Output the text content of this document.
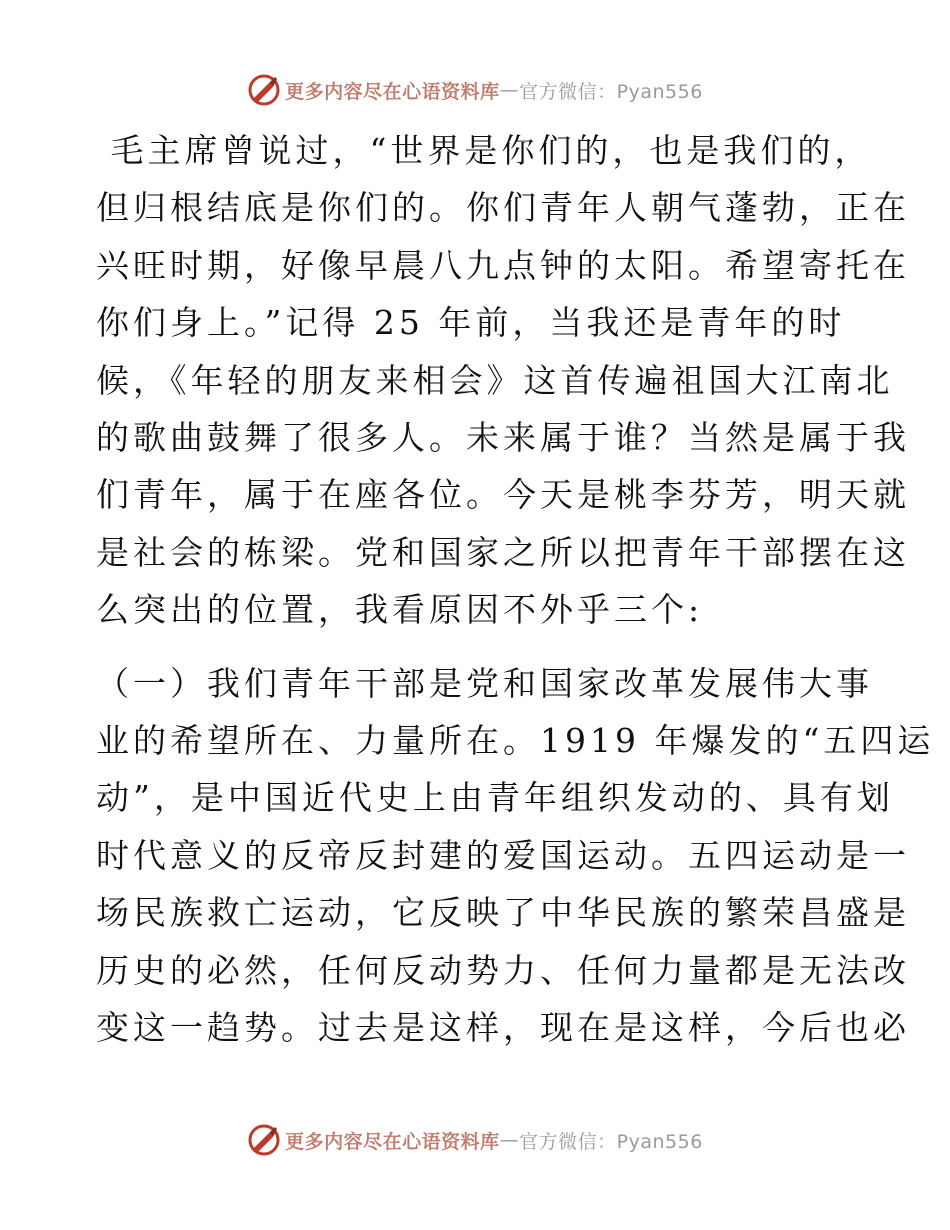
更多内容尽在心语资料库 — 官方微信：Pyan556

毛主席曾说过，“世界是你们的，也是我们的，

但归根结底是你们的。你们青年人朝气蓬勃，正在

兴旺时期，好像早晨八九点钟的太阳。希望寄托在

你们身上。”记得 25 年前，当我还是青年的时

候，《年轻的朋友来相会》这首传遍祖国大江南北

的歌曲鼓舞了很多人。未来属于谁？当然是属于我

们青年，属于在座各位。今天是桃李芬芳，明天就

是社会的栋梁。党和国家之所以把青年干部摆在这

么突出的位置，我看原因不外乎三个:

（一）我们青年干部是党和国家改革发展伟大事

业的希望所在、力量所在。1919 年爆发的“五四运

动”，是中国近代史上由青年组织发动的、具有划

时代意义的反帝反封建的爱国运动。五四运动是一

场民族救亡运动，它反映了中华民族的繁荣昌盛是

历史的必然，任何反动势力、任何力量都是无法改

变这一趋势。过去是这样，现在是这样，今后也必

更多内容尽在心语资料库 — 官方微信：Pyan556
